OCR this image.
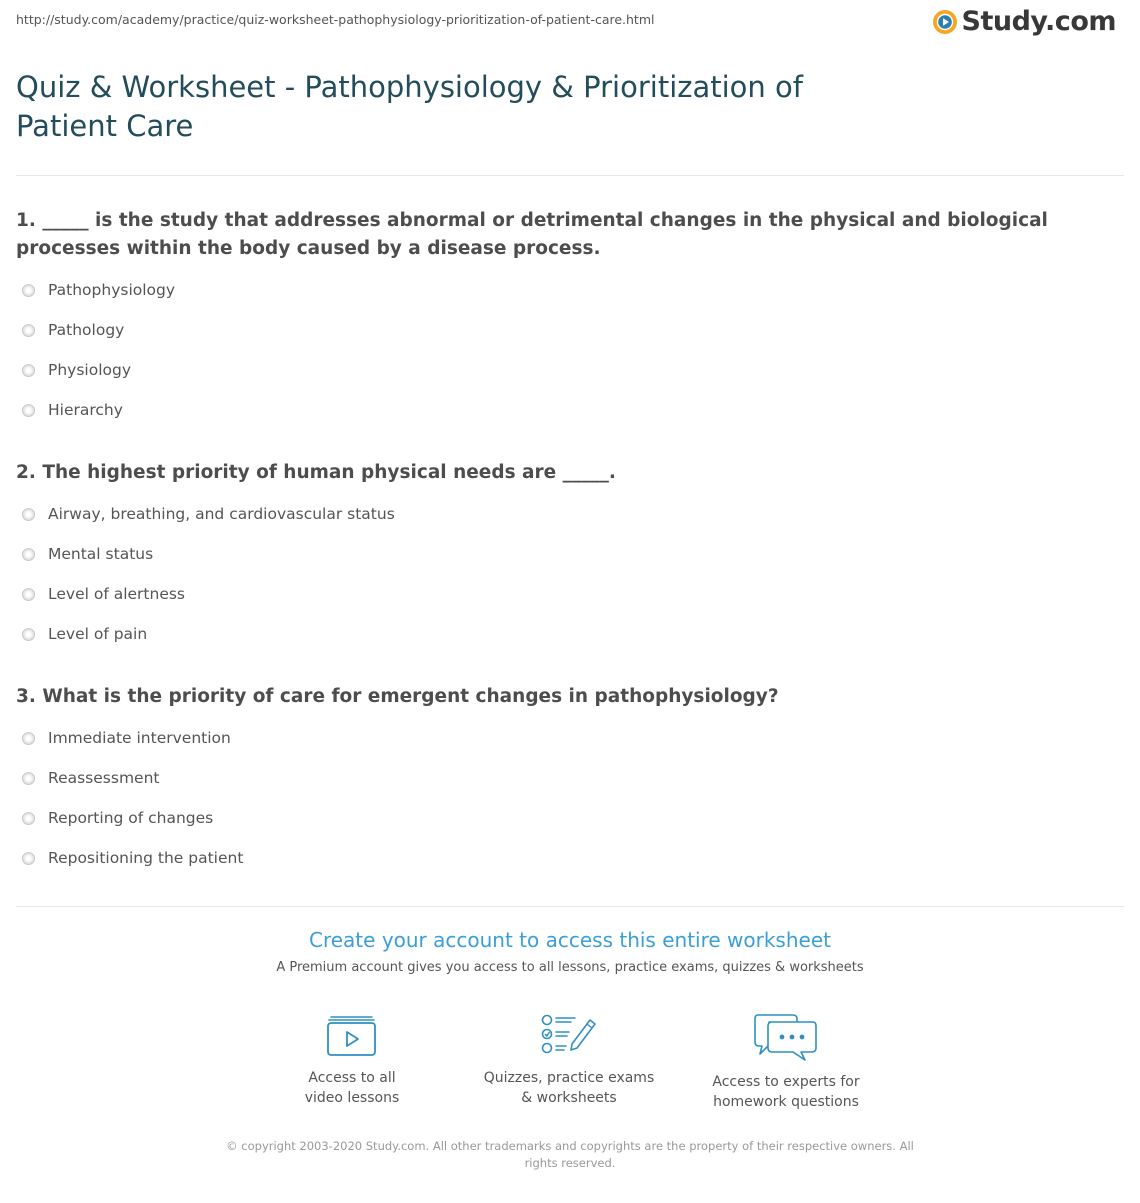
http://study.com/academy/practice/quiz-worksheet-pathophysiology-prioritization-of-patient-care.html	Study.com
Quiz & Worksheet - Pathophysiology & Prioritization of Patient Care

1. _____ is the study that addresses abnormal or detrimental changes in the physical and biological processes within the body caused by a disease process.

Pathophysiology
Pathology
Physiology
Hierarchy

2. The highest priority of human physical needs are _____.

Airway, breathing, and cardiovascular status
Mental status
Level of alertness
Level of pain

3. What is the priority of care for emergent changes in pathophysiology?

Immediate intervention
Reassessment
Reporting of changes
Repositioning the patient
Create your account to access this entire worksheet
A Premium account gives you access to all lessons, practice exams, quizzes & worksheets
Access to all
video lessons
Quizzes, practice exams
& worksheets
Access to experts for
homework questions
© copyright 2003-2020 Study.com. All other trademarks and copyrights are the property of their respective owners. All rights reserved.
